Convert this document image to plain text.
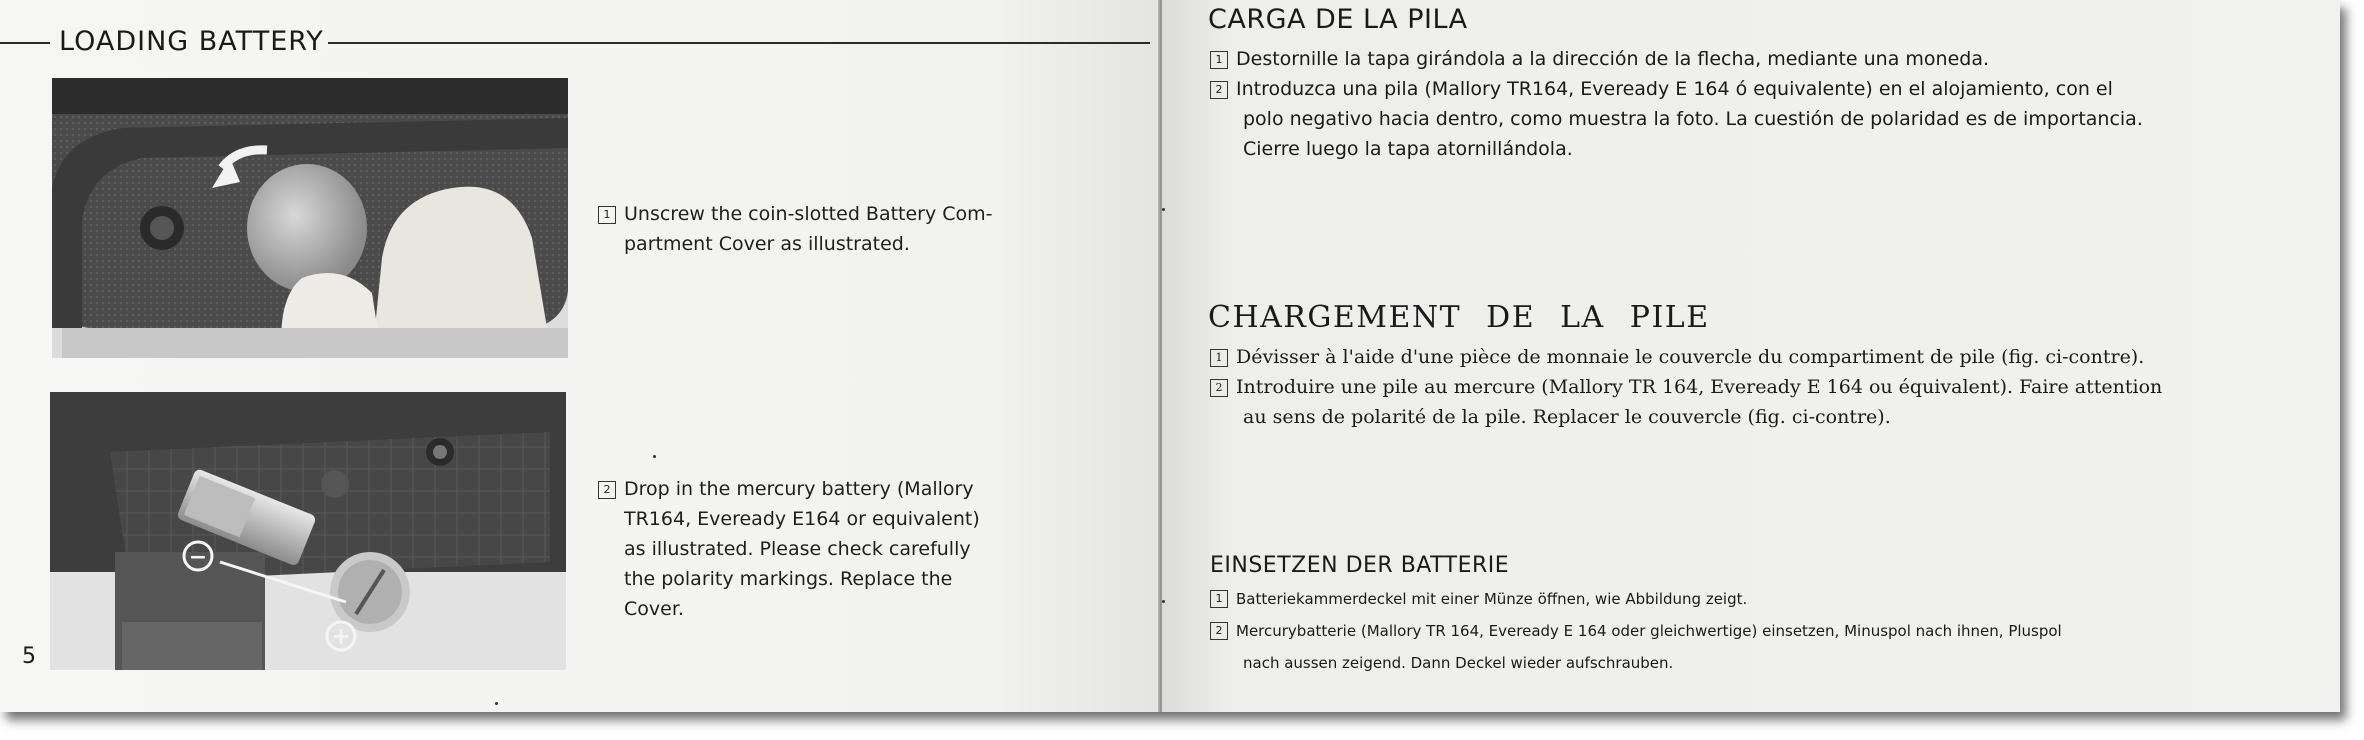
LOADING BATTERY
1 Unscrew the coin-slotted Battery Com-
partment Cover as illustrated.
−
+
2 Drop in the mercury battery (Mallory
TR164, Eveready E164 or equivalent)
as illustrated. Please check carefully
the polarity markings. Replace the
Cover.
5
CARGA DE LA PILA
1 Destornille la tapa girándola a la dirección de la flecha, mediante una moneda.
2 Introduzca una pila (Mallory TR164, Eveready E 164 ó equivalente) en el alojamiento, con el
polo negativo hacia dentro, como muestra la foto. La cuestión de polaridad es de importancia.
Cierre luego la tapa atornillándola.
CHARGEMENT DE LA PILE
1 Dévisser à l'aide d'une pièce de monnaie le couvercle du compartiment de pile (fig. ci-contre).
2 Introduire une pile au mercure (Mallory TR 164, Eveready E 164 ou équivalent). Faire attention
au sens de polarité de la pile. Replacer le couvercle (fig. ci-contre).
EINSETZEN DER BATTERIE
1 Batteriekammerdeckel mit einer Münze öffnen, wie Abbildung zeigt.
2 Mercurybatterie (Mallory TR 164, Eveready E 164 oder gleichwertige) einsetzen, Minuspol nach ihnen, Pluspol
nach aussen zeigend. Dann Deckel wieder aufschrauben.
